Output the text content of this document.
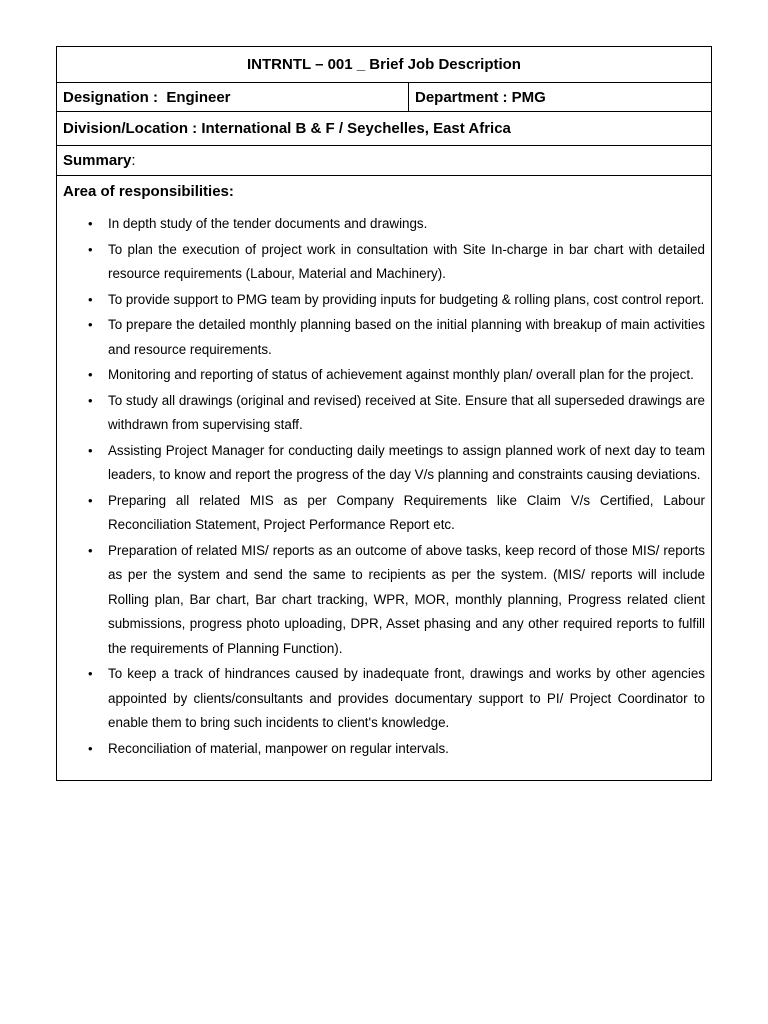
INTRNTL – 001 _ Brief Job Description
Designation :  Engineer	Department : PMG
Division/Location : International B & F / Seychelles, East Africa
Summary :
Area of responsibilities:
• In depth study of the tender documents and drawings.
• To plan the execution of project work in consultation with Site In-charge in bar chart with detailed resource requirements (Labour, Material and Machinery).
• To provide support to PMG team by providing inputs for budgeting & rolling plans, cost control report.
• To prepare the detailed monthly planning based on the initial planning with breakup of main activities and resource requirements.
• Monitoring and reporting of status of achievement against monthly plan/ overall plan for the project.
• To study all drawings (original and revised) received at Site. Ensure that all superseded drawings are withdrawn from supervising staff.
• Assisting Project Manager for conducting daily meetings to assign planned work of next day to team leaders, to know and report the progress of the day V/s planning and constraints causing deviations.
• Preparing all related MIS as per Company Requirements like Claim V/s Certified, Labour Reconciliation Statement, Project Performance Report etc.
• Preparation of related MIS/ reports as an outcome of above tasks, keep record of those MIS/ reports as per the system and send the same to recipients as per the system. (MIS/ reports will include Rolling plan, Bar chart, Bar chart tracking, WPR, MOR, monthly planning, Progress related client submissions, progress photo uploading, DPR, Asset phasing and any other required reports to fulfill the requirements of Planning Function).
• To keep a track of hindrances caused by inadequate front, drawings and works by other agencies appointed by clients/consultants and provides documentary support to PI/ Project Coordinator to enable them to bring such incidents to client's knowledge.
• Reconciliation of material, manpower on regular intervals.
